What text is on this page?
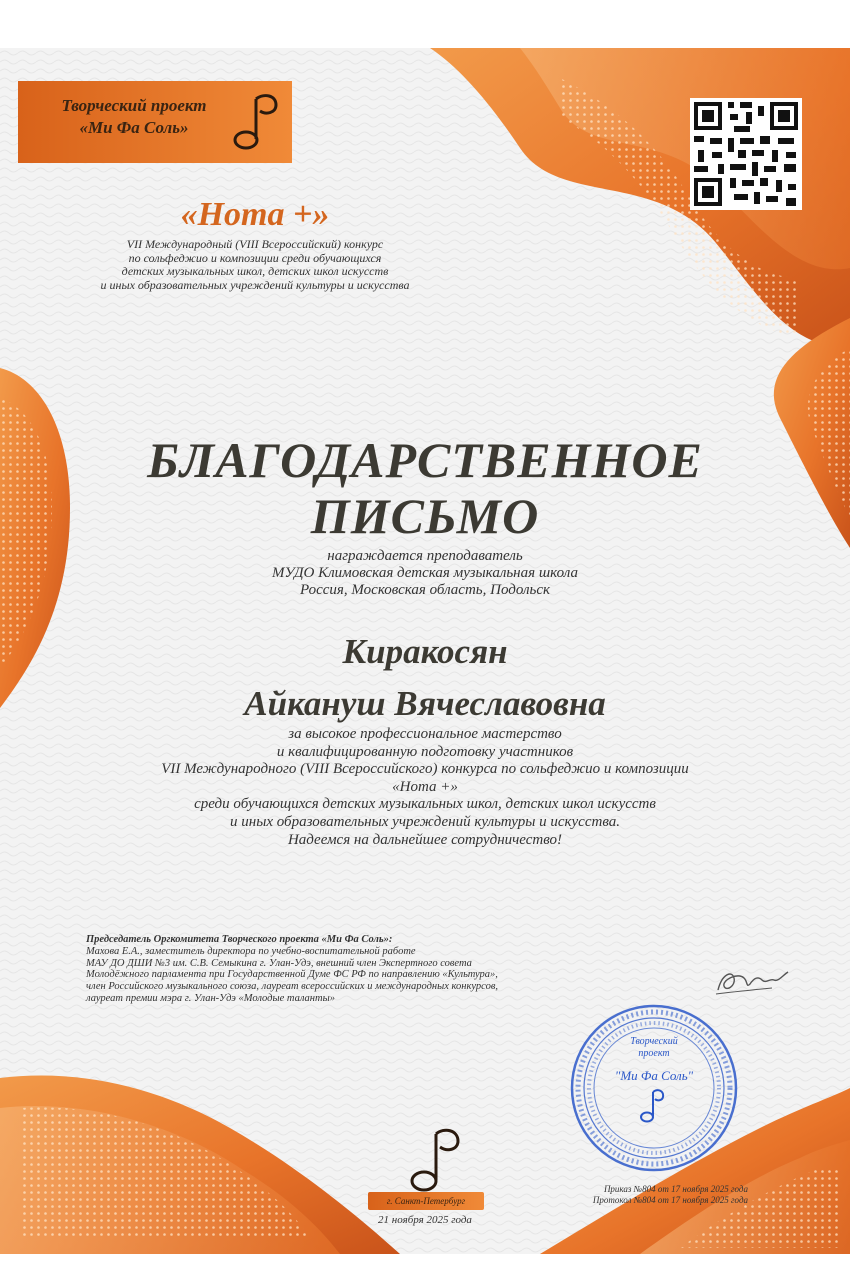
Творческий проект
«Ми Фа Соль»
«Нота +»
VII Международный (VIII Всероссийский) конкурс
по сольфеджио и композиции среди обучающихся
детских музыкальных школ, детских школ искусств
и иных образовательных учреждений культуры и искусства
БЛАГОДАРСТВЕННОЕ
ПИСЬМО
награждается преподаватель
МУДО Климовская детская музыкальная школа
Россия, Московская область, Подольск
Киракосян
Айкануш Вячеславовна
за высокое профессиональное мастерство
и квалифицированную подготовку участников
VII Международного (VIII Всероссийского) конкурса по сольфеджио и композиции
«Нота +»
среди обучающихся детских музыкальных школ, детских школ искусств
и иных образовательных учреждений культуры и искусства.
Надеемся на дальнейшее сотрудничество!
Председатель Оргкомитета Творческого проекта «Ми Фа Соль»:
Махова Е.А., заместитель директора по учебно-воспитательной работе
МАУ ДО ДШИ №3 им. С.В. Семыкина г. Улан-Удэ, внешний член Экспертного совета
Молодёжного парламента при Государственной Думе ФС РФ по направлению «Культура»,
член Российского музыкального союза, лауреат всероссийских и международных конкурсов,
лауреат премии мэра г. Улан-Удэ «Молодые таланты»
Творческий
проект
"Ми Фа Соль"
Приказ №804 от 17 ноября 2025 года
Протокол №804 от 17 ноября 2025 года
г. Санкт-Петербург
21 ноября 2025 года
